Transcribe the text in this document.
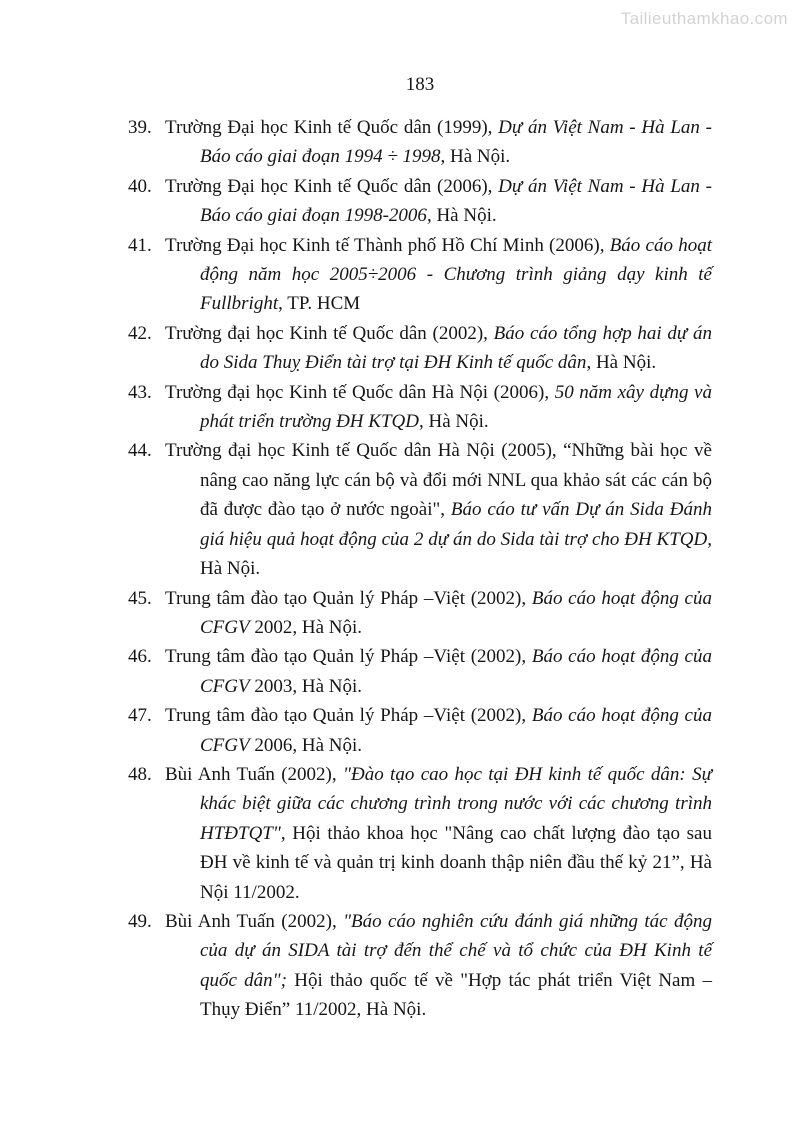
Tailieuthamkhao.com
183

39. Trường Đại học Kinh tế Quốc dân (1999), Dự án Việt Nam - Hà Lan - Báo cáo giai đoạn 1994 ÷ 1998, Hà Nội.

40. Trường Đại học Kinh tế Quốc dân (2006), Dự án Việt Nam - Hà Lan - Báo cáo giai đoạn 1998-2006, Hà Nội.

41. Trường Đại học Kinh tế Thành phố Hồ Chí Minh (2006), Báo cáo hoạt động năm học 2005÷2006 - Chương trình giảng dạy kinh tế Fullbright, TP. HCM

42. Trường đại học Kinh tế Quốc dân (2002), Báo cáo tổng hợp hai dự án do Sida Thuỵ Điển tài trợ tại ĐH Kinh tế quốc dân, Hà Nội.

43. Trường đại học Kinh tế Quốc dân Hà Nội (2006), 50 năm xây dựng và phát triển trường ĐH KTQD, Hà Nội.

44. Trường đại học Kinh tế Quốc dân Hà Nội (2005), “Những bài học về nâng cao năng lực cán bộ và đổi mới NNL qua khảo sát các cán bộ đã được đào tạo ở nước ngoài", Báo cáo tư vấn Dự án Sida Đánh giá hiệu quả hoạt động của 2 dự án do Sida tài trợ cho ĐH KTQD, Hà Nội.

45. Trung tâm đào tạo Quản lý Pháp –Việt (2002), Báo cáo hoạt động của CFGV 2002, Hà Nội.

46. Trung tâm đào tạo Quản lý Pháp –Việt (2002), Báo cáo hoạt động của CFGV 2003, Hà Nội.

47. Trung tâm đào tạo Quản lý Pháp –Việt (2002), Báo cáo hoạt động của CFGV 2006, Hà Nội.

48. Bùi Anh Tuấn (2002), "Đào tạo cao học tại ĐH kinh tế quốc dân: Sự khác biệt giữa các chương trình trong nước với các chương trình HTĐTQT", Hội thảo khoa học "Nâng cao chất lượng đào tạo sau ĐH về kinh tế và quản trị kinh doanh thập niên đầu thế kỷ 21”, Hà Nội 11/2002.

49. Bùi Anh Tuấn (2002), "Báo cáo nghiên cứu đánh giá những tác động của dự án SIDA tài trợ đến thể chế và tổ chức của ĐH Kinh tế quốc dân"; Hội thảo quốc tế về "Hợp tác phát triển Việt Nam – Thụy Điển” 11/2002, Hà Nội.
